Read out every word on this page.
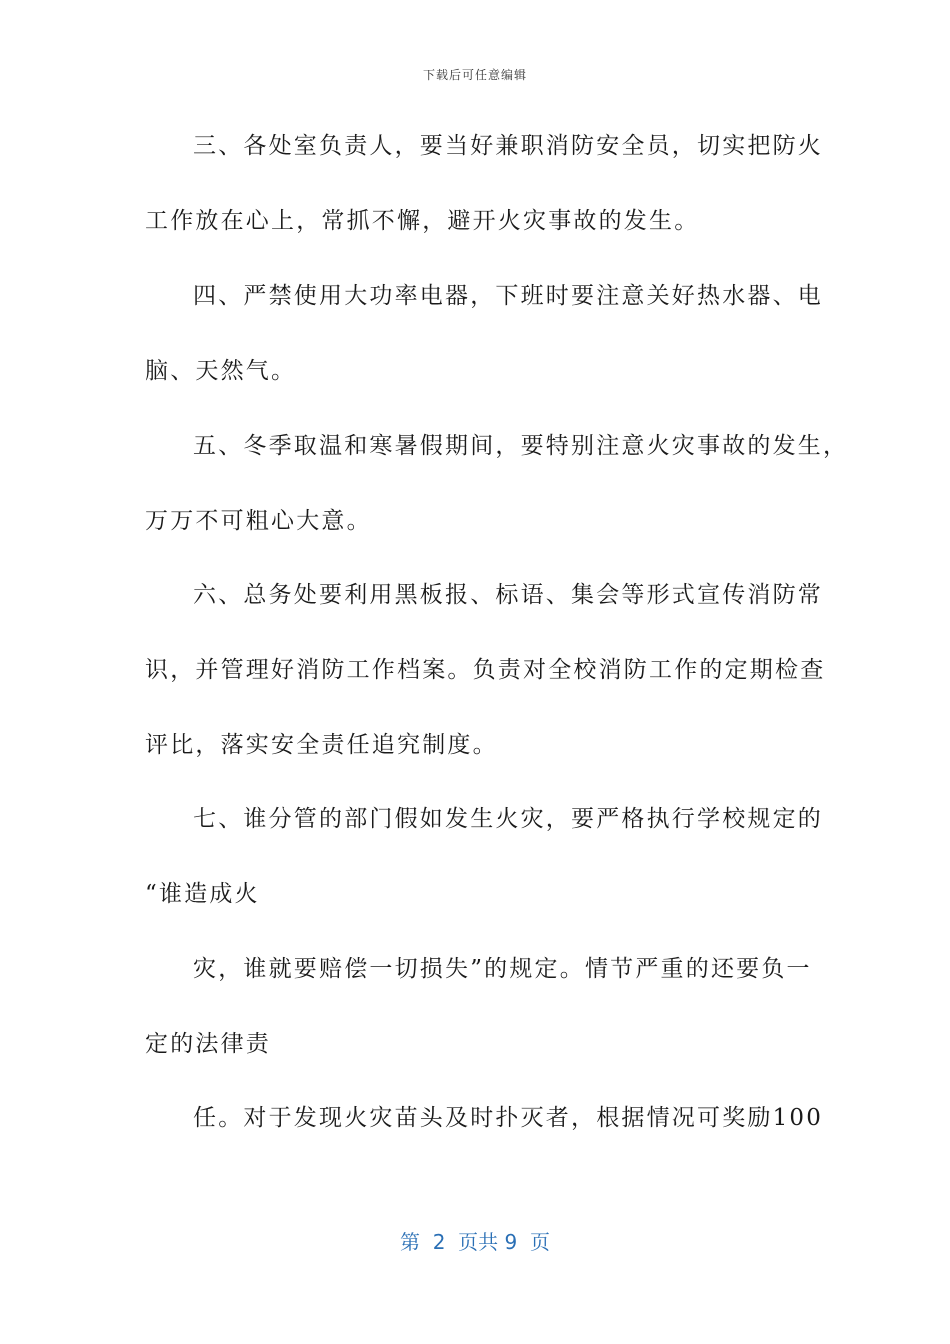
下载后可任意编辑
三、各处室负责人，要当好兼职消防安全员，切实把防火
工作放在心上，常抓不懈，避开火灾事故的发生。
四、严禁使用大功率电器，下班时要注意关好热水器、电
脑、天然气。
五、冬季取温和寒暑假期间，要特别注意火灾事故的发生，
万万不可粗心大意。
六、总务处要利用黑板报、标语、集会等形式宣传消防常
识，并管理好消防工作档案。负责对全校消防工作的定期检查
评比，落实安全责任追究制度。
七、谁分管的部门假如发生火灾，要严格执行学校规定的
“谁造成火
灾，谁就要赔偿一切损失”的规定。情节严重的还要负一
定的法律责
任。对于发现火灾苗头及时扑灭者，根据情况可奖励100
第  2  页共 9  页
